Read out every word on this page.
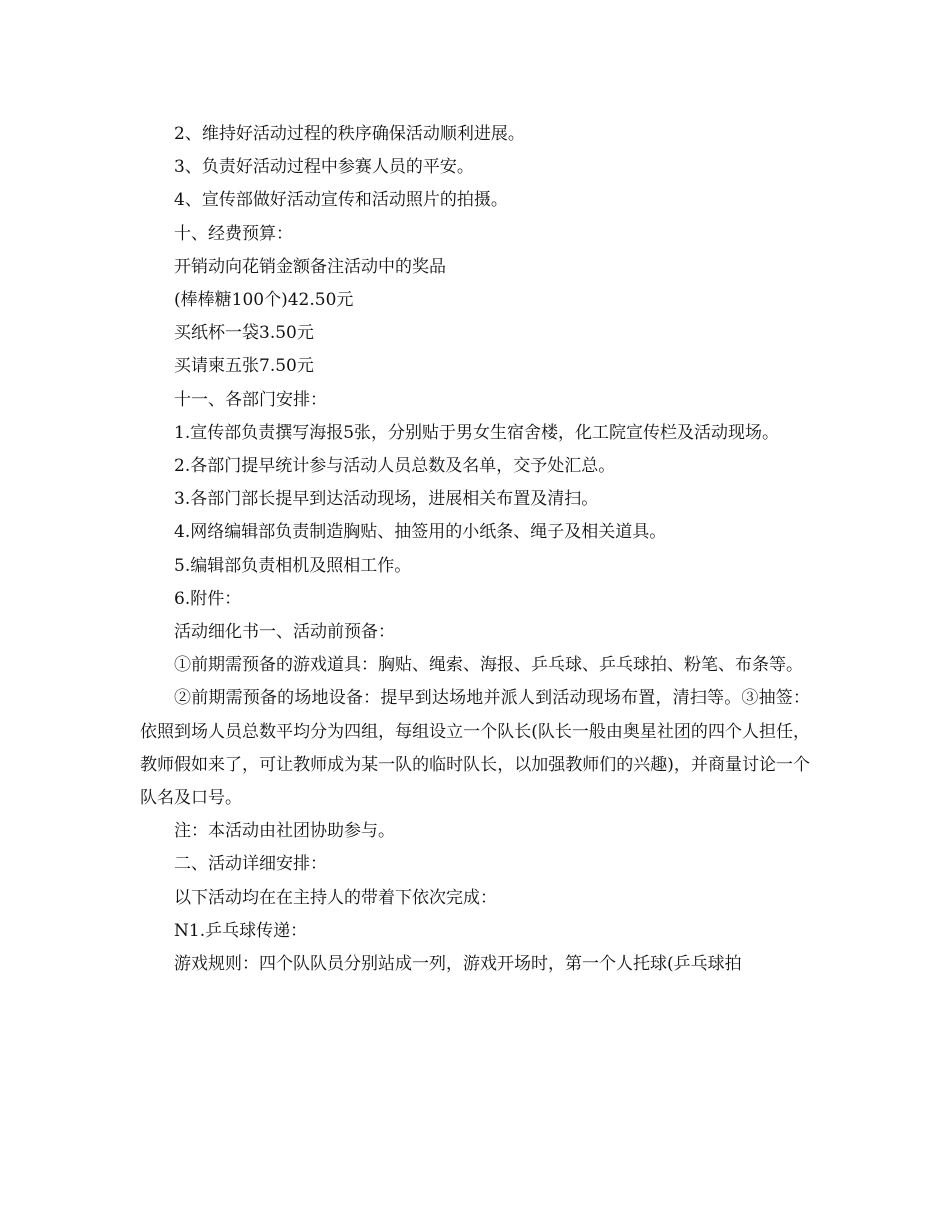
2、维持好活动过程的秩序确保活动顺利进展。

3、负责好活动过程中参赛人员的平安。

4、宣传部做好活动宣传和活动照片的拍摄。

十、经费预算：

开销动向花销金额备注活动中的奖品

(棒棒糖100个)42.50元

买纸杯一袋3.50元

买请柬五张7.50元

十一、各部门安排：

1.宣传部负责撰写海报5张，分别贴于男女生宿舍楼，化工院宣传栏及活动现场。

2.各部门提早统计参与活动人员总数及名单，交予处汇总。

3.各部门部长提早到达活动现场，进展相关布置及清扫。

4.网络编辑部负责制造胸贴、抽签用的小纸条、绳子及相关道具。

5.编辑部负责相机及照相工作。

6.附件：

活动细化书一、活动前预备：

①前期需预备的游戏道具：胸贴、绳索、海报、乒乓球、乒乓球拍、粉笔、布条等。

②前期需预备的场地设备：提早到达场地并派人到活动现场布置，清扫等。③抽签：依照到场人员总数平均分为四组，每组设立一个队长(队长一般由奥星社团的四个人担任，教师假如来了，可让教师成为某一队的临时队长，以加强教师们的兴趣)，并商量讨论一个队名及口号。

注：本活动由社团协助参与。

二、活动详细安排：

以下活动均在在主持人的带着下依次完成：

N1.乒乓球传递：

游戏规则：四个队队员分别站成一列，游戏开场时，第一个人托球(乒乓球拍
